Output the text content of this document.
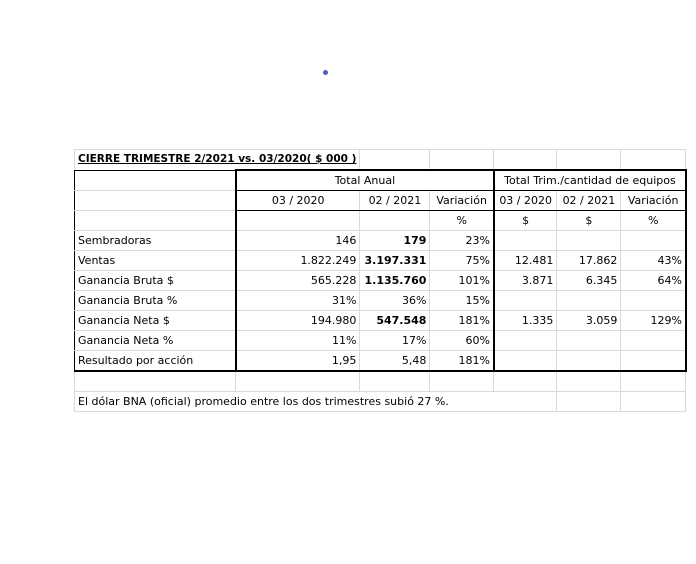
CIERRE TRIMESTRE 2/2021 vs. 03/2020( $ 000 )						
	Total Anual			Total Trim./cantidad de equipos		
	03 / 2020	02 / 2021	Variación	03 / 2020	02 / 2021	Variación
			%	$	$	%
Sembradoras	146	179	23%			
Ventas	1.822.249	3.197.331	75%	12.481	17.862	43%
Ganancia Bruta $	565.228	1.135.760	101%	3.871	6.345	64%
Ganancia Bruta %	31%	36%	15%			
Ganancia Neta $	194.980	547.548	181%	1.335	3.059	129%
Ganancia Neta %	11%	17%	60%			
Resultado por acción	1,95	5,48	181%			

El dólar BNA (oficial) promedio entre los dos trimestres subió 27 %.						
